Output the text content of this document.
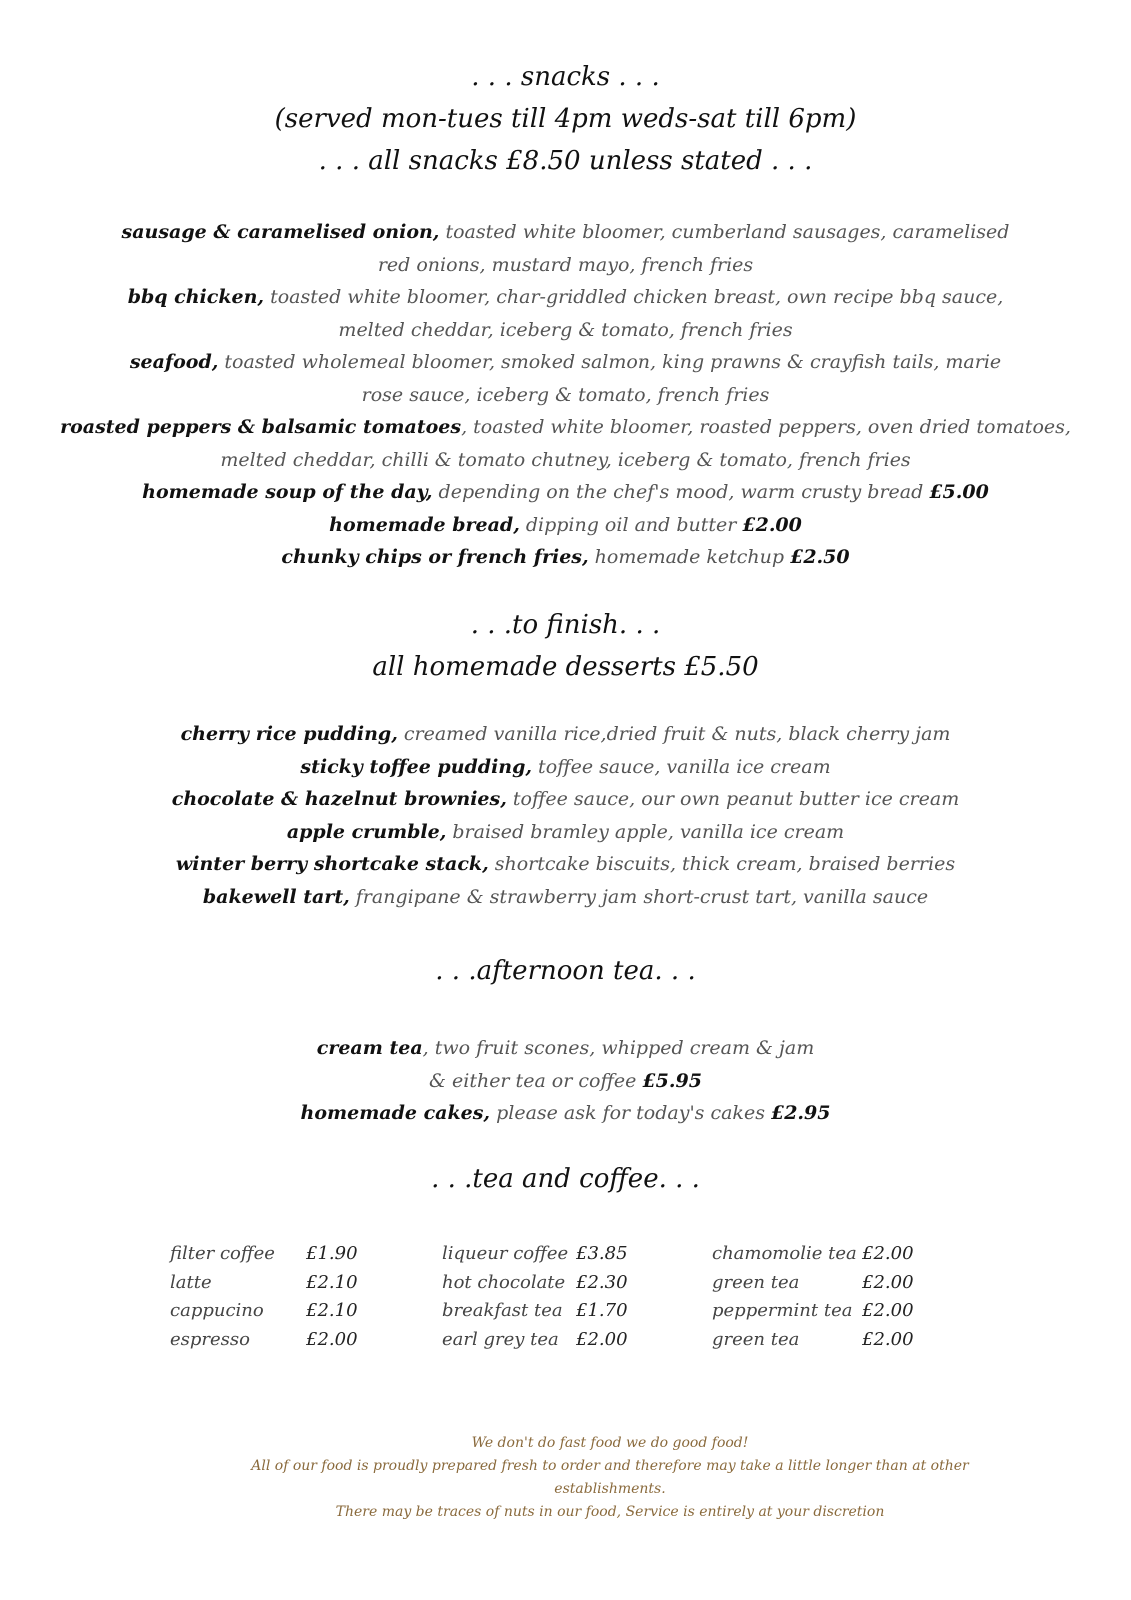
. . . snacks . . .
(served mon-tues till 4pm weds-sat till 6pm)
. . . all snacks £8.50 unless stated . . .
sausage & caramelised onion, toasted white bloomer, cumberland sausages, caramelised
red onions, mustard mayo, french fries
bbq chicken, toasted white bloomer, char-griddled chicken breast, own recipe bbq sauce,
melted cheddar, iceberg & tomato, french fries
seafood, toasted wholemeal bloomer, smoked salmon, king prawns & crayfish tails, marie
rose sauce, iceberg & tomato, french fries
roasted peppers & balsamic tomatoes, toasted white bloomer, roasted peppers, oven dried tomatoes,
melted cheddar, chilli & tomato chutney, iceberg & tomato, french fries
homemade soup of the day, depending on the chef's mood, warm crusty bread £5.00
homemade bread, dipping oil and butter £2.00
chunky chips or french fries, homemade ketchup £2.50
. . .to finish. . .
all homemade desserts £5.50
cherry rice pudding, creamed vanilla rice,dried fruit & nuts, black cherry jam
sticky toffee pudding, toffee sauce, vanilla ice cream
chocolate & hazelnut brownies, toffee sauce, our own peanut butter ice cream
apple crumble, braised bramley apple, vanilla ice cream
winter berry shortcake stack, shortcake biscuits, thick cream, braised berries
bakewell tart, frangipane & strawberry jam short-crust tart, vanilla sauce
. . .afternoon tea. . .
cream tea, two fruit scones, whipped cream & jam
& either tea or coffee £5.95
homemade cakes, please ask for today's cakes £2.95
. . .tea and coffee. . .
filter coffee	£1.90
latte	£2.10
cappucino	£2.10
espresso	£2.00
liqueur coffee £3.85
hot chocolate £2.30
breakfast tea £1.70
earl grey tea £2.00
chamomolie tea £2.00
green tea	£2.00
peppermint tea £2.00
green tea	£2.00
We don't do fast food we do good food!
All of our food is proudly prepared fresh to order and therefore may take a little longer than at other
establishments.
There may be traces of nuts in our food, Service is entirely at your discretion
